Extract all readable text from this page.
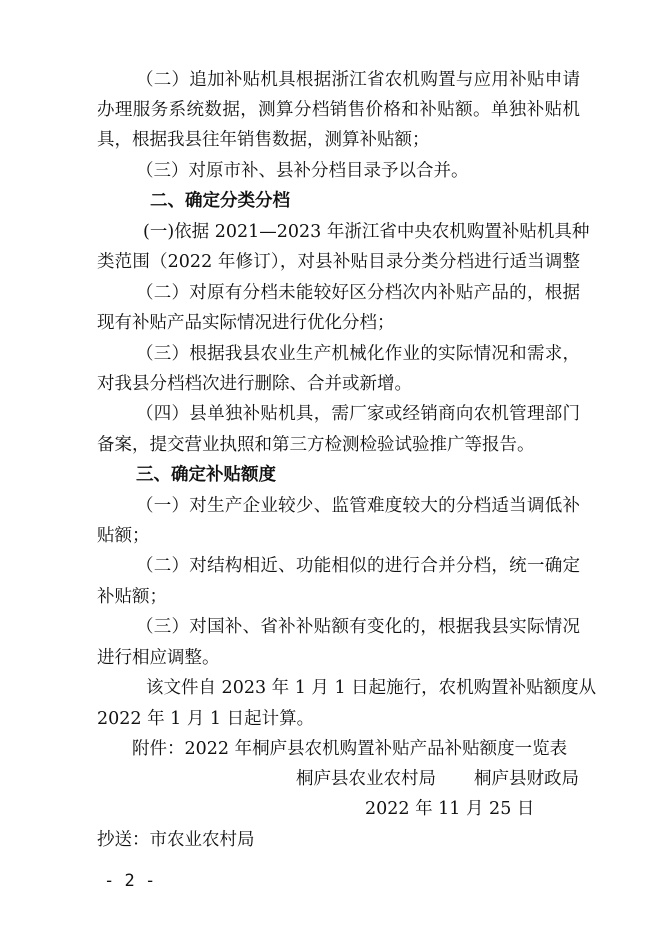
（二）追加补贴机具根据浙江省农机购置与应用补贴申请

办理服务系统数据，测算分档销售价格和补贴额。单独补贴机

具，根据我县往年销售数据，测算补贴额；

（三）对原市补、县补分档目录予以合并。

二、确定分类分档

(一)依据 2021—2023 年浙江省中央农机购置补贴机具种

类范围（2022 年修订），对县补贴目录分类分档进行适当调整

（二）对原有分档未能较好区分档次内补贴产品的，根据

现有补贴产品实际情况进行优化分档；

（三）根据我县农业生产机械化作业的实际情况和需求，

对我县分档档次进行删除、合并或新增。

（四）县单独补贴机具，需厂家或经销商向农机管理部门

备案，提交营业执照和第三方检测检验试验推广等报告。

三、确定补贴额度

（一）对生产企业较少、监管难度较大的分档适当调低补

贴额；

（二）对结构相近、功能相似的进行合并分档，统一确定

补贴额；

（三）对国补、省补补贴额有变化的，根据我县实际情况

进行相应调整。

该文件自 2023 年 1 月 1 日起施行，农机购置补贴额度从

2022 年 1 月 1 日起计算。

附件：2022 年桐庐县农机购置补贴产品补贴额度一览表

桐庐县农业农村局 桐庐县财政局

2022 年 11 月 25 日

抄送：市农业农村局

- 2 -
